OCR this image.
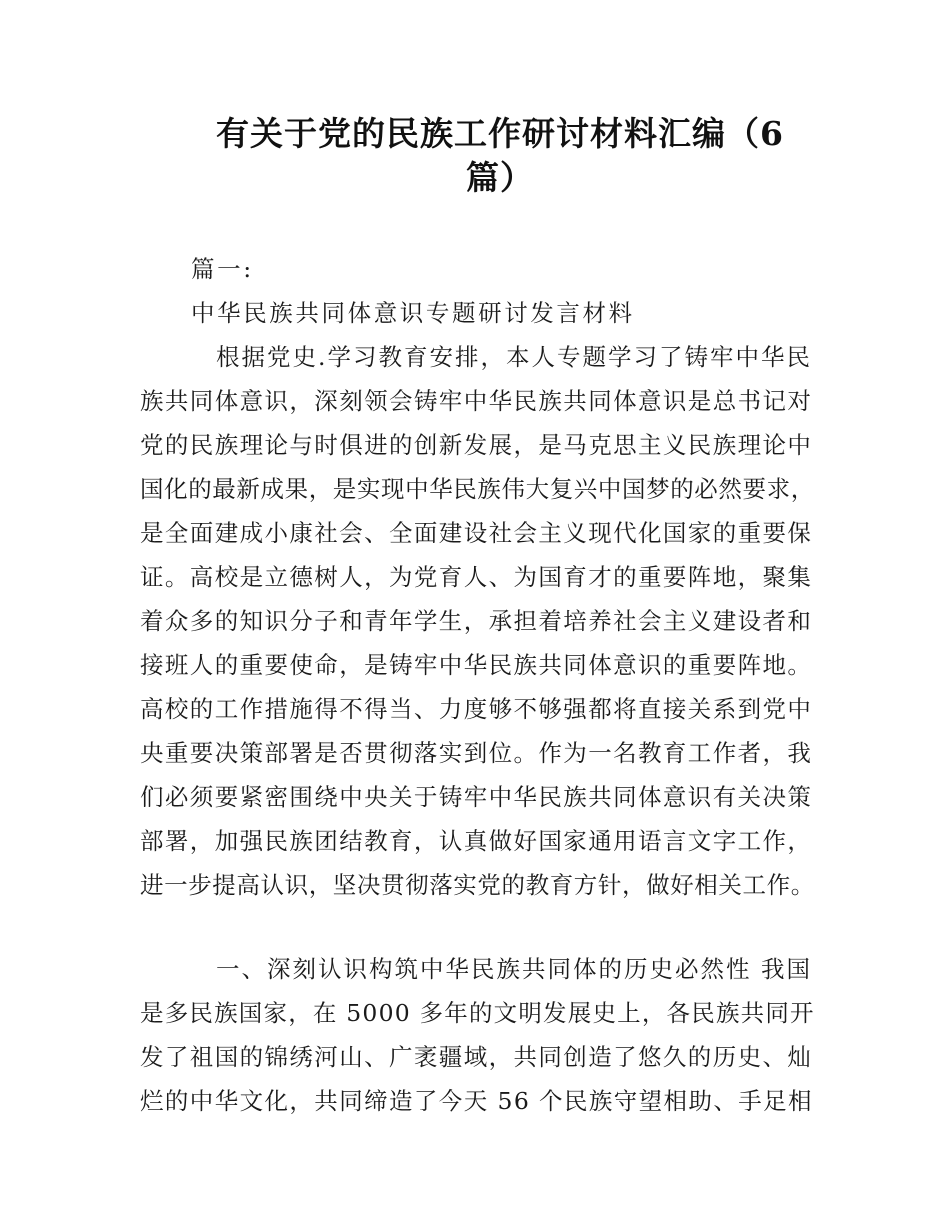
有关于党的民族工作研讨材料汇编（6
篇）
篇一:
中华民族共同体意识专题研讨发言材料
根据党史.学习教育安排，本人专题学习了铸牢中华民
族共同体意识，深刻领会铸牢中华民族共同体意识是总书记对
党的民族理论与时俱进的创新发展，是马克思主义民族理论中
国化的最新成果，是实现中华民族伟大复兴中国梦的必然要求，
是全面建成小康社会、全面建设社会主义现代化国家的重要保
证。高校是立德树人，为党育人、为国育才的重要阵地，聚集
着众多的知识分子和青年学生，承担着培养社会主义建设者和
接班人的重要使命，是铸牢中华民族共同体意识的重要阵地。
高校的工作措施得不得当、力度够不够强都将直接关系到党中
央重要决策部署是否贯彻落实到位。作为一名教育工作者，我
们必须要紧密围绕中央关于铸牢中华民族共同体意识有关决策
部署，加强民族团结教育，认真做好国家通用语言文字工作，
进一步提高认识，坚决贯彻落实党的教育方针，做好相关工作。
一、深刻认识构筑中华民族共同体的历史必然性 我国
是多民族国家，在 5000 多年的文明发展史上，各民族共同开
发了祖国的锦绣河山、广袤疆域，共同创造了悠久的历史、灿
烂的中华文化，共同缔造了今天 56 个民族守望相助、手足相
